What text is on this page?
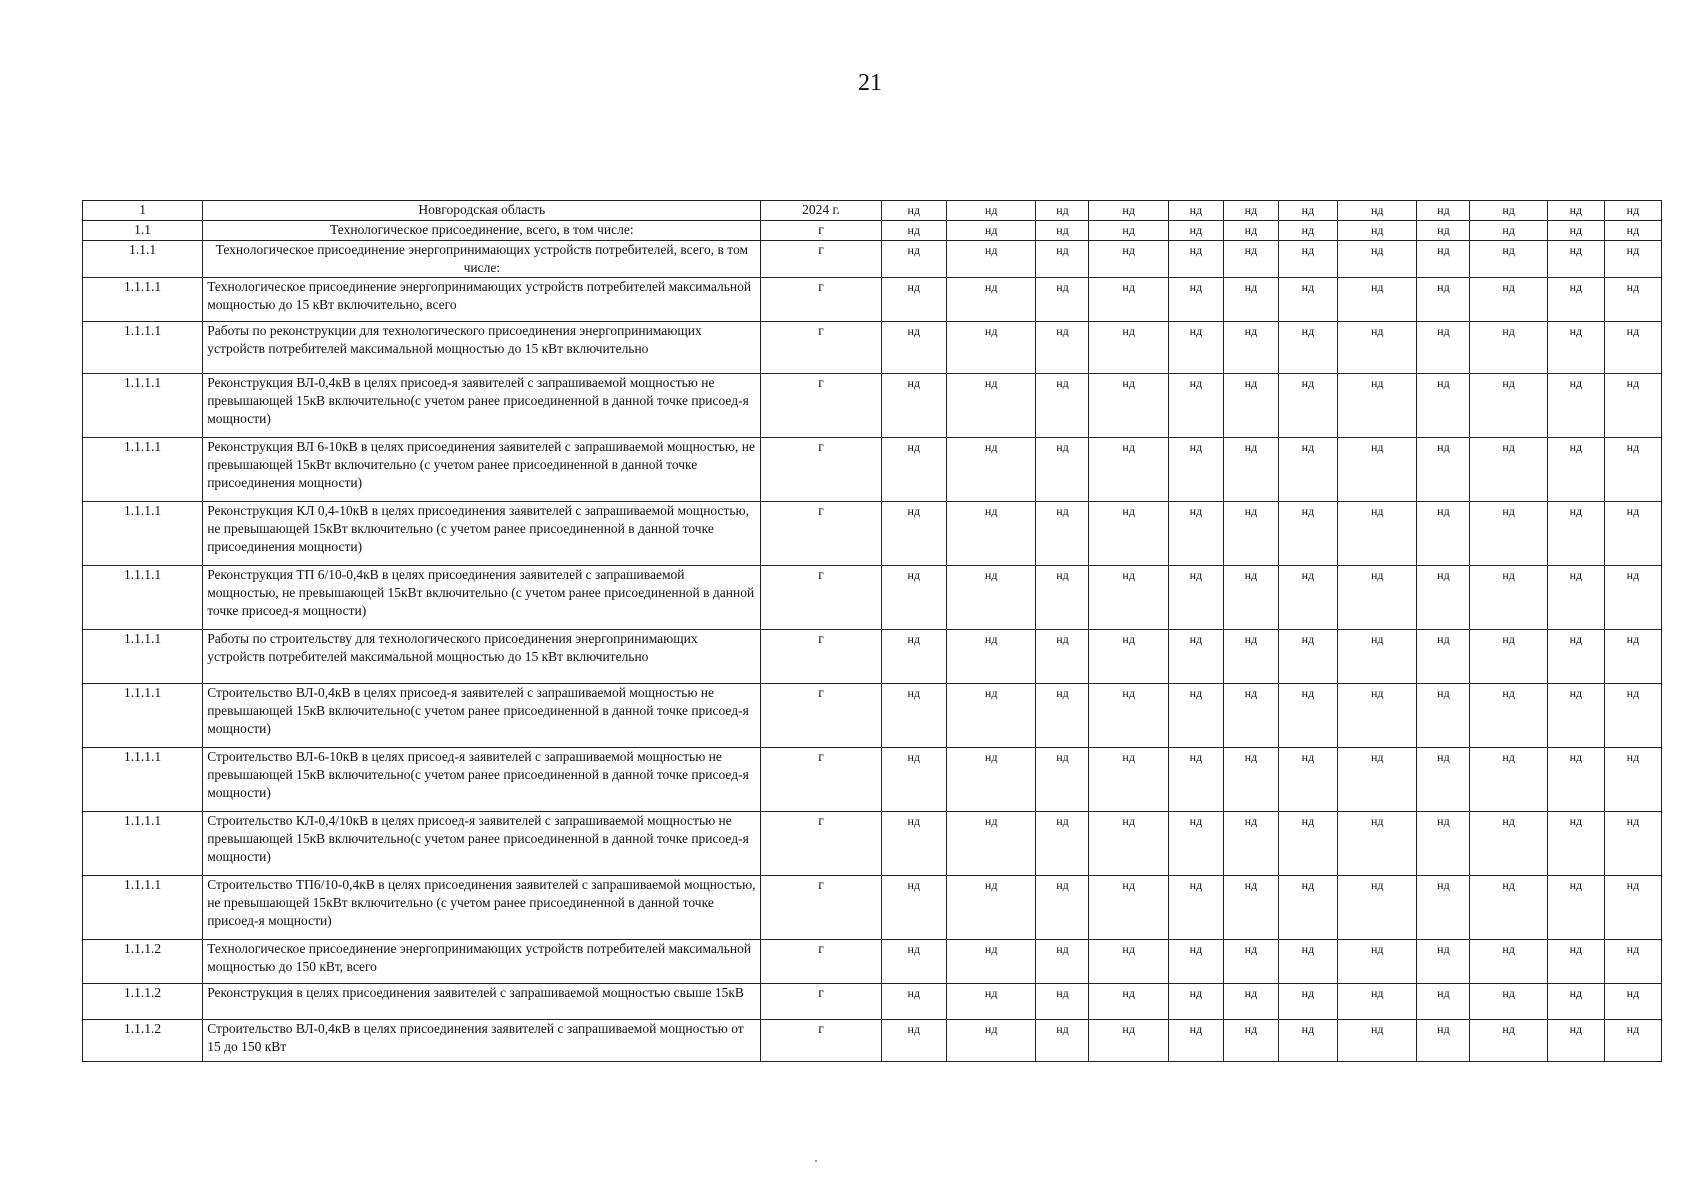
21
1	Новгородская область	2024 г.	нд	нд	нд	нд	нд	нд	нд	нд	нд	нд	нд	нд
1.1	Технологическое присоединение, всего, в том числе:	г	нд	нд	нд	нд	нд	нд	нд	нд	нд	нд	нд	нд
1.1.1	Технологическое присоединение энергопринимающих устройств потребителей, всего, в том числе:	г	нд	нд	нд	нд	нд	нд	нд	нд	нд	нд	нд	нд
1.1.1.1	Технологическое присоединение энергопринимающих устройств потребителей максимальной мощностью до 15 кВт включительно, всего	г	нд	нд	нд	нд	нд	нд	нд	нд	нд	нд	нд	нд
1.1.1.1	Работы по реконструкции для технологического присоединения энергопринимающих устройств потребителей максимальной мощностью до 15 кВт включительно	г	нд	нд	нд	нд	нд	нд	нд	нд	нд	нд	нд	нд
1.1.1.1	Реконструкция ВЛ-0,4кВ в целях присоед-я заявителей с запрашиваемой мощностью не превышающей 15кВ включительно(с учетом ранее присоединенной в данной точке присоед-я мощности)	г	нд	нд	нд	нд	нд	нд	нд	нд	нд	нд	нд	нд
1.1.1.1	Реконструкция ВЛ 6-10кВ в целях присоединения заявителей с запрашиваемой мощностью, не превышающей 15кВт включительно (с учетом ранее присоединенной в данной точке присоединения мощности)	г	нд	нд	нд	нд	нд	нд	нд	нд	нд	нд	нд	нд
1.1.1.1	Реконструкция КЛ 0,4-10кВ в целях присоединения заявителей с запрашиваемой мощностью, не превышающей 15кВт включительно (с учетом ранее присоединенной в данной точке присоединения мощности)	г	нд	нд	нд	нд	нд	нд	нд	нд	нд	нд	нд	нд
1.1.1.1	Реконструкция ТП 6/10-0,4кВ в целях присоединения заявителей с запрашиваемой мощностью, не превышающей 15кВт включительно (с учетом ранее присоединенной в данной точке присоед-я мощности)	г	нд	нд	нд	нд	нд	нд	нд	нд	нд	нд	нд	нд
1.1.1.1	Работы по строительству для технологического присоединения энергопринимающих устройств потребителей максимальной мощностью до 15 кВт включительно	г	нд	нд	нд	нд	нд	нд	нд	нд	нд	нд	нд	нд
1.1.1.1	Строительство ВЛ-0,4кВ в целях присоед-я заявителей с запрашиваемой мощностью не превышающей 15кВ включительно(с учетом ранее присоединенной в данной точке присоед-я мощности)	г	нд	нд	нд	нд	нд	нд	нд	нд	нд	нд	нд	нд
1.1.1.1	Строительство ВЛ-6-10кВ в целях присоед-я заявителей с запрашиваемой мощностью не превышающей 15кВ включительно(с учетом ранее присоединенной в данной точке присоед-я мощности)	г	нд	нд	нд	нд	нд	нд	нд	нд	нд	нд	нд	нд
1.1.1.1	Строительство КЛ-0,4/10кВ в целях присоед-я заявителей с запрашиваемой мощностью не превышающей 15кВ включительно(с учетом ранее присоединенной в данной точке присоед-я мощности)	г	нд	нд	нд	нд	нд	нд	нд	нд	нд	нд	нд	нд
1.1.1.1	Строительство ТП6/10-0,4кВ в целях присоединения заявителей с запрашиваемой мощностью, не превышающей 15кВт включительно (с учетом ранее присоединенной в данной точке присоед-я мощности)	г	нд	нд	нд	нд	нд	нд	нд	нд	нд	нд	нд	нд
1.1.1.2	Технологическое присоединение энергопринимающих устройств потребителей максимальной мощностью до 150 кВт, всего	г	нд	нд	нд	нд	нд	нд	нд	нд	нд	нд	нд	нд
1.1.1.2	Реконструкция в целях присоединения заявителей с запрашиваемой мощностью свыше 15кВ	г	нд	нд	нд	нд	нд	нд	нд	нд	нд	нд	нд	нд
1.1.1.2	Строительство ВЛ-0,4кВ в целях присоединения заявителей с запрашиваемой мощностью от 15 до 150 кВт	г	нд	нд	нд	нд	нд	нд	нд	нд	нд	нд	нд	нд
